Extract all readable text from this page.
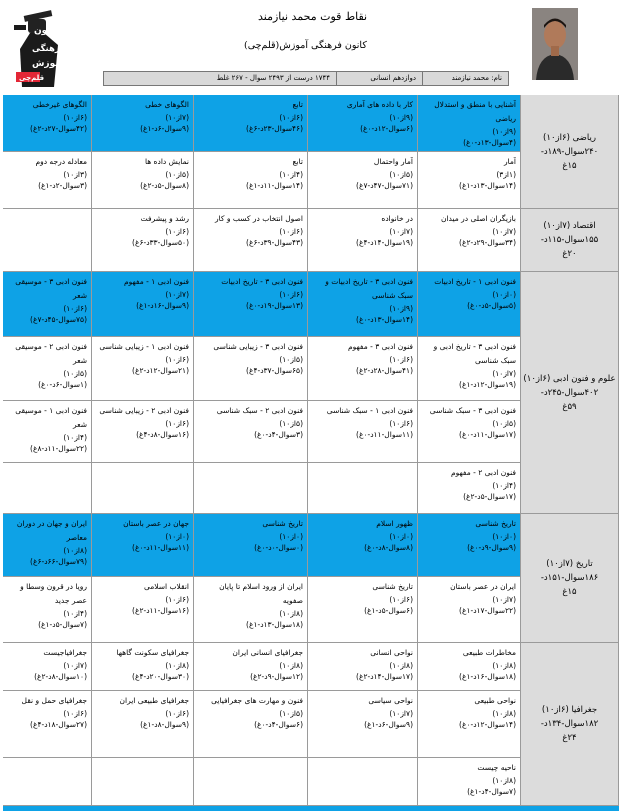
کانون
فرهنگی
آموزش
قلم‌چی
نقاط قوت محمد نیازمند
کانون فرهنگی آموزش(قلم‌چی)
نام: محمد نیازمند
دوازدهم انسانی
۱۷۴۴ درست از ۲۴۹۳ سوال - ۲۶۷ غلط
ریاضی (۶از۱۰)
۲۴۰سوال-۱۸۹د-
۱۵غ
اقتصاد (۷از۱۰)
۱۵۵سوال-۱۱۵د-
۲۰غ
علوم و فنون ادبی (۶از۱۰)
۴۰۲سوال-۲۴۵د-
۵۹غ
تاریخ (۷از۱۰)
۱۸۶سوال-۱۵۱د-
۱۵غ
جغرافیا (۶از۱۰)
۱۸۲سوال-۱۳۴د-
۲۴غ
آشنایی با منطق و استدلال ریاضی
(۹از۱۰)
(۴سوال-۱۳د-۰غ)
کار با داده های آماری
(۹از۱۰)
(۶سوال-۱۲د-۰غ)
تابع
(۶از۱۰)
(۴۶سوال-۲۳د-۶غ)
الگوهای خطی
(۷از۱۰)
(۹سوال-۶د-۱غ)
الگوهای غیرخطی
(۶از۱۰)
(۴۲سوال-۲۷د-۲غ)
آمار
(۱از۳)
(۱۴سوال-۱۳د-۱غ)
آمار واحتمال
(۵از۱۰)
(۷۱سوال-۴۷د-۷غ)
تابع
(۴از۱۰)
(۱۴سوال-۱۱د-۱غ)
نمایش داده ها
(۵از۱۰)
(۸سوال-۵د-۲غ)
معادله درجه دوم
(۳از۱۰)
(۳سوال-۲د-۱غ)
بازیگران اصلی در میدان
(۷از۱۰)
(۳۴سوال-۲۹د-۲غ)
در خانواده
(۷از۱۰)
(۱۹سوال-۱۴د-۴غ)
اصول انتخاب در کسب و کار
(۶از۱۰)
(۴۳سوال-۳۹د-۶غ)
رشد و پیشرفت
(۶از۱۰)
(۵۰سوال-۳۳د-۶غ)
فنون ادبی ۱ - تاریخ ادبیات
(۰از۱۰)
(۵سوال-۵د-۰غ)
فنون ادبی ۳ - تاریخ ادبیات و سبک شناسی
(۹از۱۰)
(۱۴سوال-۱۳د-۰غ)
فنون ادبی ۳ - تاریخ ادبیات
(۶از۱۰)
(۱۳سوال-۱۹د-۰غ)
فنون ادبی ۱ - مفهوم
(۷از۱۰)
(۹سوال-۱۶د-۱غ)
فنون ادبی ۳ - موسیقی شعر
(۶از۱۰)
(۷۵سوال-۴۵د-۷غ)
فنون ادبی ۳ - تاریخ ادبی و سبک شناسی
(۷از۱۰)
(۱۹سوال-۱۲د-۱غ)
فنون ادبی ۳ - مفهوم
(۶از۱۰)
(۴۱سوال-۲۸د-۲غ)
فنون ادبی ۳ - زیبایی شناسی
(۵از۱۰)
(۶۵سوال-۳۷د-۴غ)
فنون ادبی ۱ - زیبایی شناسی
(۶از۱۰)
(۲۱سوال-۱۲د-۲غ)
فنون ادبی ۲ - موسیقی شعر
(۵از۱۰)
(۱سوال-۶د-۰غ)
فنون ادبی ۳ - سبک شناسی
(۵از۱۰)
(۱۷سوال-۱۱د-۰غ)
فنون ادبی ۱ - سبک شناسی
(۶از۱۰)
(۱۱سوال-۱۱د-۰غ)
فنون ادبی ۲ - سبک شناسی
(۵از۱۰)
(۳سوال-۴د-۰غ)
فنون ادبی ۲ - زیبایی شناسی
(۶از۱۰)
(۱۶سوال-۸د-۴غ)
فنون ادبی ۱ - موسیقی شعر
(۴از۱۰)
(۲۲سوال-۱۱د-۸غ)
فنون ادبی ۲ - مفهوم
(۴از۱۰)
(۱۷سوال-۵د-۲غ)
تاریخ شناسی
(۰از۱۰)
(۹سوال-۹د-۰غ)
ظهور اسلام
(۰از۱۰)
(۸سوال-۸د-۰غ)
تاریخ شناسی
(۰از۱۰)
(۰سوال-۰د-۰غ)
جهان در عصر باستان
(۰از۱۰)
(۱۱سوال-۱۱د-۰غ)
ایران و جهان در دوران معاصر
(۸از۱۰)
(۷۹سوال-۶۶د-۶غ)
ایران در عصر باستان
(۷از۱۰)
(۲۲سوال-۱۷د-۱غ)
تاریخ شناسی
(۶از۱۰)
(۶سوال-۵د-۱غ)
ایران از ورود اسلام تا پایان صفویه
(۸از۱۰)
(۱۸سوال-۱۳د-۱غ)
انقلاب اسلامی
(۶از۱۰)
(۱۶سوال-۱۱د-۲غ)
رویا در قرون وسطا و عصر جدید
(۴از۱۰)
(۷سوال-۵د-۱غ)
مخاطرات طبیعی
(۸از۱۰)
(۱۸سوال-۱۶د-۱غ)
نواحی انسانی
(۸از۱۰)
(۱۷سوال-۱۴د-۲غ)
جغرافیای انسانی ایران
(۸از۱۰)
(۱۲سوال-۹د-۲غ)
جغرافیای سکونت گاهها
(۸از۱۰)
(۳۰سوال-۲۰د-۴غ)
جغرافیاجیست
(۷از۱۰)
(۱۰سوال-۸د-۲غ)
نواحی طبیعی
(۸از۱۰)
(۱۴سوال-۱۲د-۰غ)
نواحی سیاسی
(۷از۱۰)
(۹سوال-۶د-۱غ)
فنون و مهارت های جغرافیایی
(۵از۱۰)
(۶سوال-۴د-۰غ)
جغرافیای طبیعی ایران
(۶از۱۰)
(۹سوال-۸د-۱غ)
جغرافیای حمل و نقل
(۶از۱۰)
(۲۷سوال-۱۸د-۴غ)
ناحیه چیست
(۸از۱۰)
(۷سوال-۴د-۱غ)
